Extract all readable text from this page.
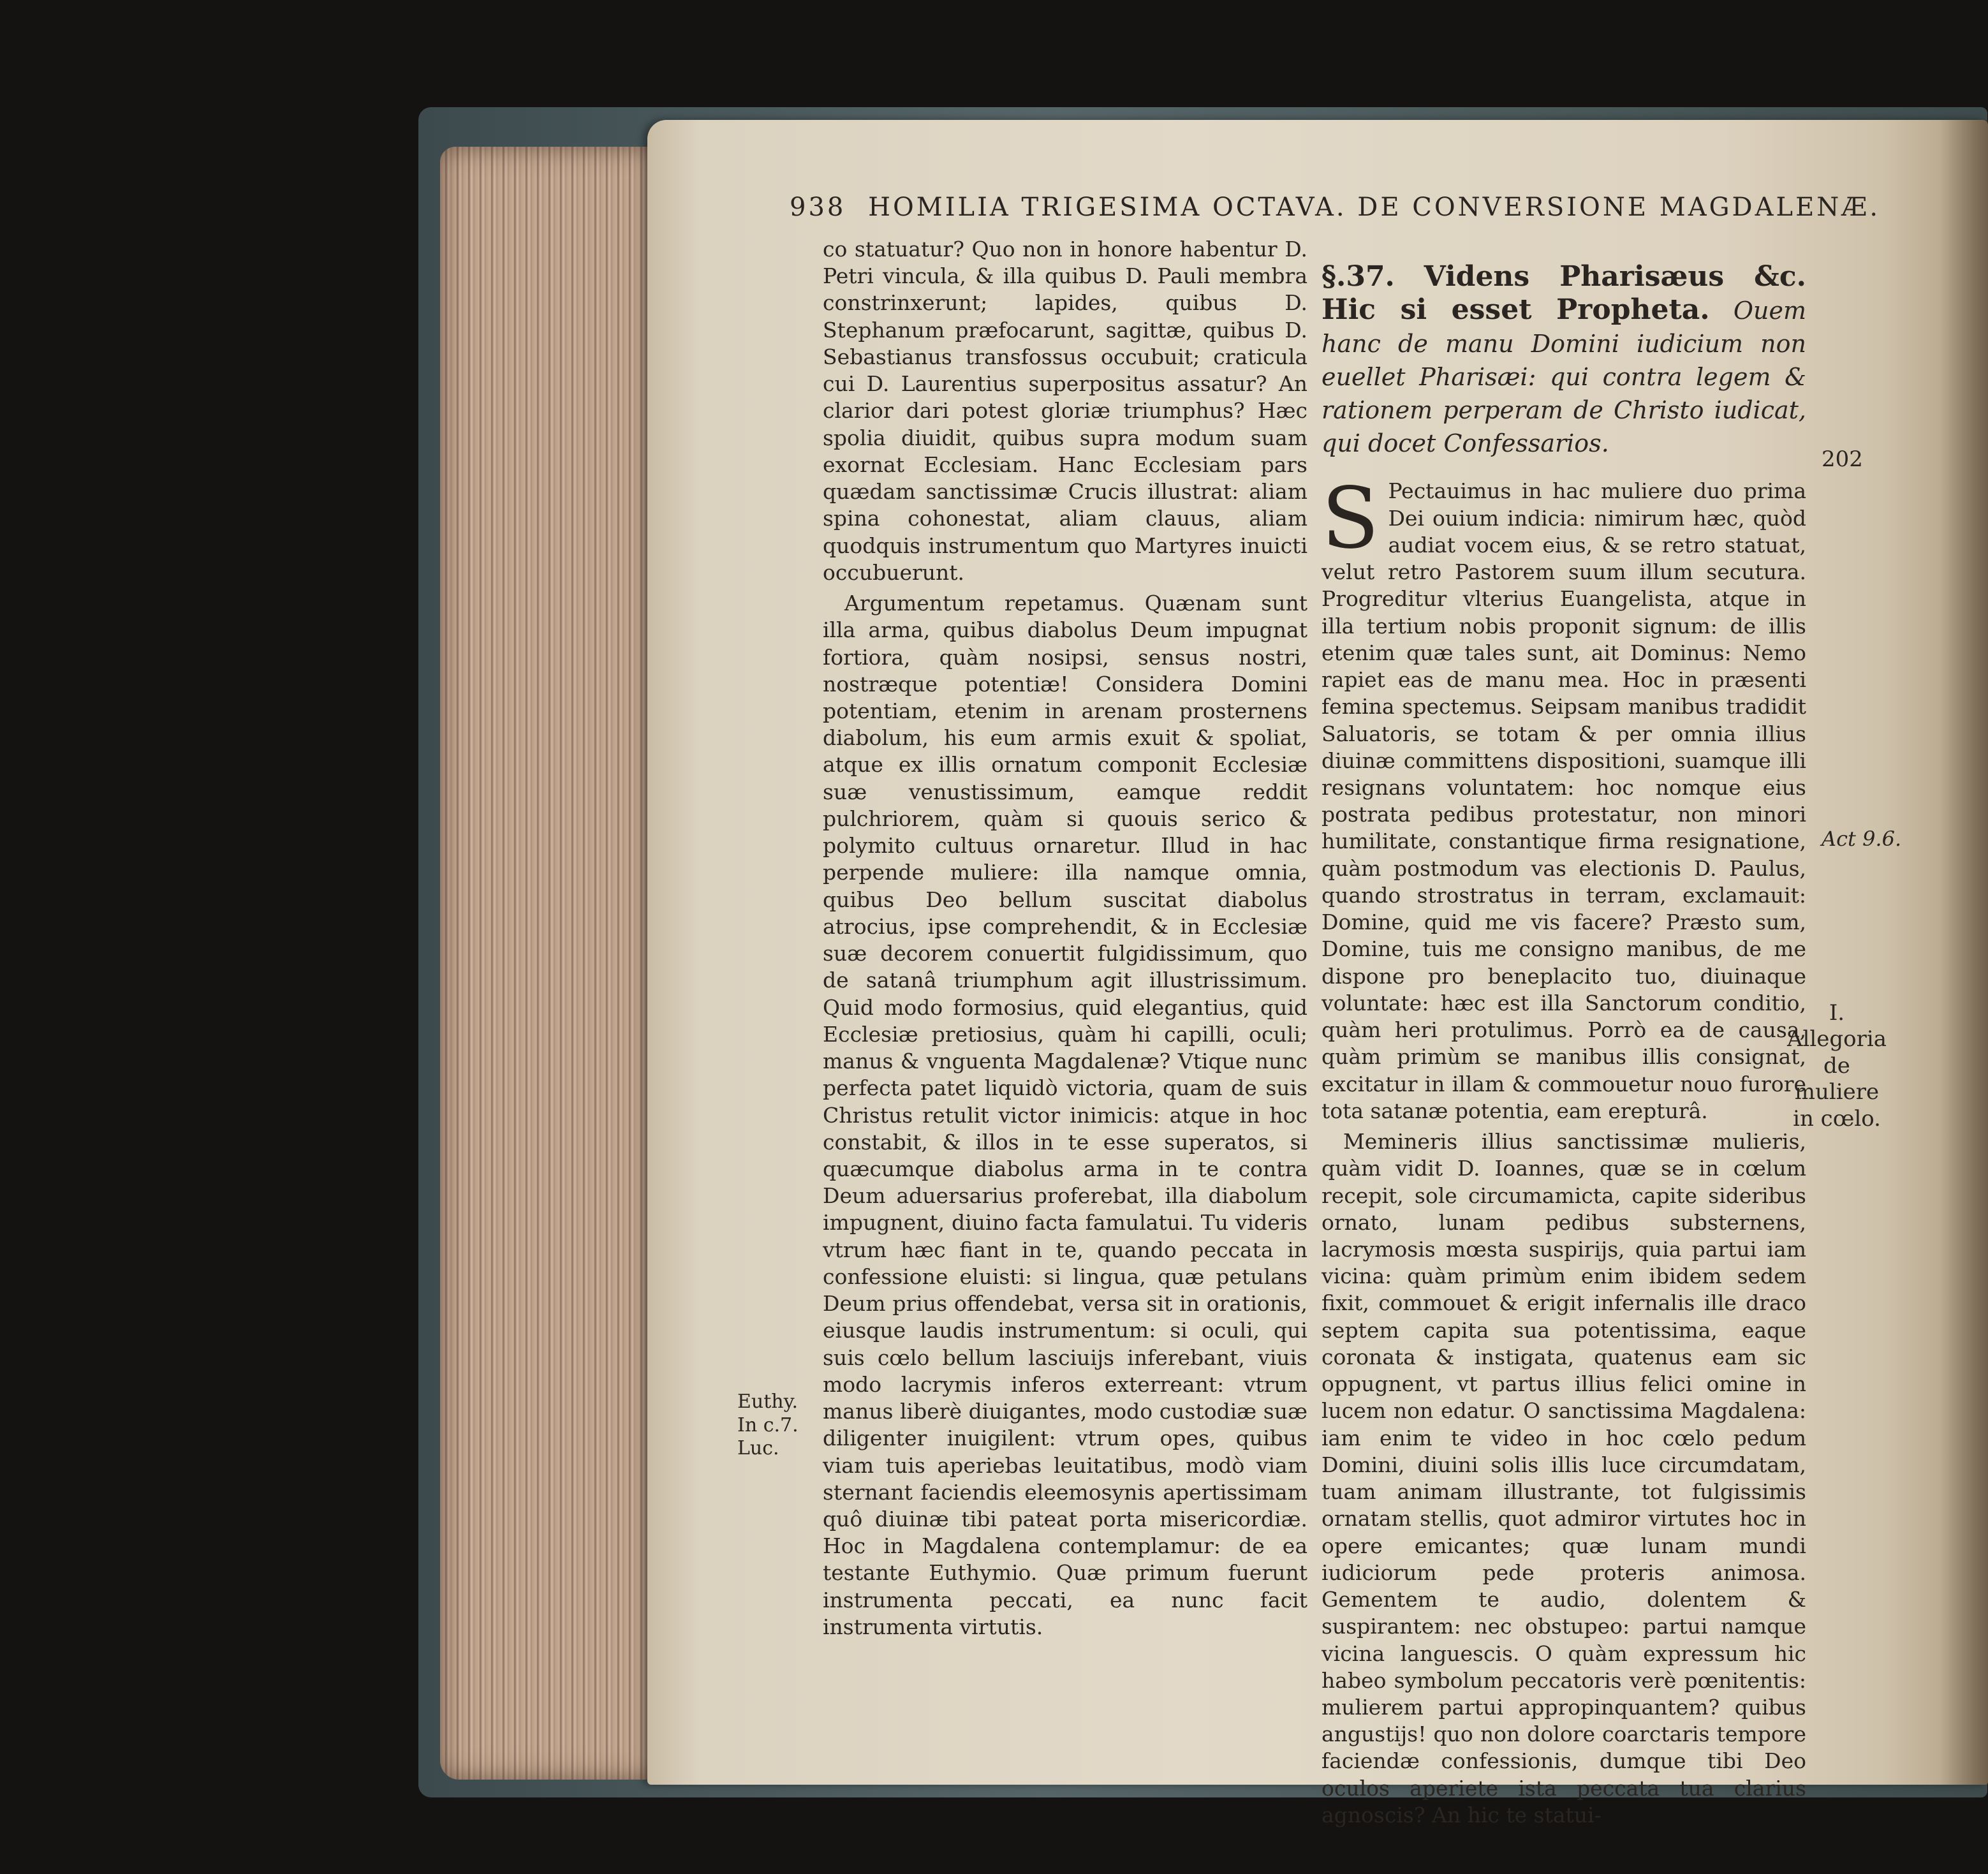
938 HOMILIA TRIGESIMA OCTAVA. DE CONVERSIONE MAGDALENÆ.

co statuatur? Quo non in honore habentur D. Petri vincula, & illa quibus D. Pauli membra constrinxerunt; lapides, quibus D. Stephanum præfocarunt, sagittæ, quibus D. Sebastianus transfossus occubuit; craticula cui D. Laurentius superpositus assatur? An clarior dari potest gloriæ triumphus? Hæc spolia diuidit, quibus supra modum suam exornat Ecclesiam. Hanc Ecclesiam pars quædam sanctissimæ Crucis illustrat: aliam spina cohonestat, aliam clauus, aliam quodquis instrumentum quo Martyres inuicti occubuerunt.

Argumentum repetamus. Quænam sunt illa arma, quibus diabolus Deum impugnat fortiora, quàm nosipsi, sensus nostri, nostræque potentiæ! Considera Domini potentiam, etenim in arenam prosternens diabolum, his eum armis exuit & spoliat, atque ex illis ornatum componit Ecclesiæ suæ venustissimum, eamque reddit pulchriorem, quàm si quouis serico & polymito cultuus ornaretur. Illud in hac perpende muliere: illa namque omnia, quibus Deo bellum suscitat diabolus atrocius, ipse comprehendit, & in Ecclesiæ suæ decorem conuertit fulgidissimum, quo de satanâ triumphum agit illustrissimum. Quid modo formosius, quid elegantius, quid Ecclesiæ pretiosius, quàm hi capilli, oculi; manus & vnguenta Magdalenæ? Vtique nunc perfecta patet liquidò victoria, quam de suis Christus retulit victor inimicis: atque in hoc constabit, & illos in te esse superatos, si quæcumque diabolus arma in te contra Deum aduersarius proferebat, illa diabolum impugnent, diuino facta famulatui. Tu videris vtrum hæc fiant in te, quando peccata in confessione eluisti: si lingua, quæ petulans Deum prius offendebat, versa sit in orationis, eiusque laudis instrumentum: si oculi, qui suis cœlo bellum lasciuijs inferebant, viuis modo lacrymis inferos exterreant: vtrum manus liberè diuigantes, modo custodiæ suæ diligenter inuigilent: vtrum opes, quibus viam tuis aperiebas leuitatibus, modò viam sternant faciendis eleemosynis apertissimam quô diuinæ tibi pateat porta misericordiæ. Hoc in Magdalena contemplamur: de ea testante Euthymio. Quæ primum fuerunt instrumenta peccati, ea nunc facit instrumenta virtutis.

Euthy. In c.7. Luc.
§.37. Videns Pharisæus &c. Hic si esset Propheta. Ouem hanc de manu Domini iudicium non euellet Pharisæi: qui contra legem & rationem perperam de Christo iudicat, qui docet Confessarios.

S Pectauimus in hac muliere duo prima Dei ouium indicia: nimirum hæc, quòd audiat vocem eius, & se retro statuat, velut retro Pastorem suum illum secutura. Progreditur vlterius Euangelista, atque in illa tertium nobis proponit signum: de illis etenim quæ tales sunt, ait Dominus: Nemo rapiet eas de manu mea. Hoc in præsenti femina spectemus. Seipsam manibus tradidit Saluatoris, se totam & per omnia illius diuinæ committens dispositioni, suamque illi resignans voluntatem: hoc nomque eius postrata pedibus protestatur, non minori humilitate, constantique firma resignatione, quàm postmodum vas electionis D. Paulus, quando strostratus in terram, exclamauit: Domine, quid me vis facere? Præsto sum, Domine, tuis me consigno manibus, de me dispone pro beneplacito tuo, diuinaque voluntate: hæc est illa Sanctorum conditio, quàm heri protulimus. Porrò ea de causa, quàm primùm se manibus illis consignat, excitatur in illam & commouetur nouo furore tota satanæ potentia, eam erepturâ.

Memineris illius sanctissimæ mulieris, quàm vidit D. Ioannes, quæ se in cœlum recepit, sole circumamicta, capite sideribus ornato, lunam pedibus substernens, lacrymosis mœsta suspirijs, quia partui iam vicina: quàm primùm enim ibidem sedem fixit, commouet & erigit infernalis ille draco septem capita sua potentissima, eaque coronata & instigata, quatenus eam sic oppugnent, vt partus illius felici omine in lucem non edatur. O sanctissima Magdalena: iam enim te video in hoc cœlo pedum Domini, diuini solis illis luce circumdatam, tuam animam illustrante, tot fulgissimis ornatam stellis, quot admiror virtutes hoc in opere emicantes; quæ lunam mundi iudiciorum pede proteris animosa. Gementem te audio, dolentem & suspirantem: nec obstupeo: partui namque vicina languescis. O quàm expressum hic habeo symbolum peccatoris verè pœnitentis: mulierem partui appropinquantem? quibus angustijs! quo non dolore coarctaris tempore faciendæ confessionis, dumque tibi Deo oculos aperiete ista peccata tua clarius agnoscis? An hic te statui-

202
Act 9.6.
I. Allegoria de muliere in cœlo.
